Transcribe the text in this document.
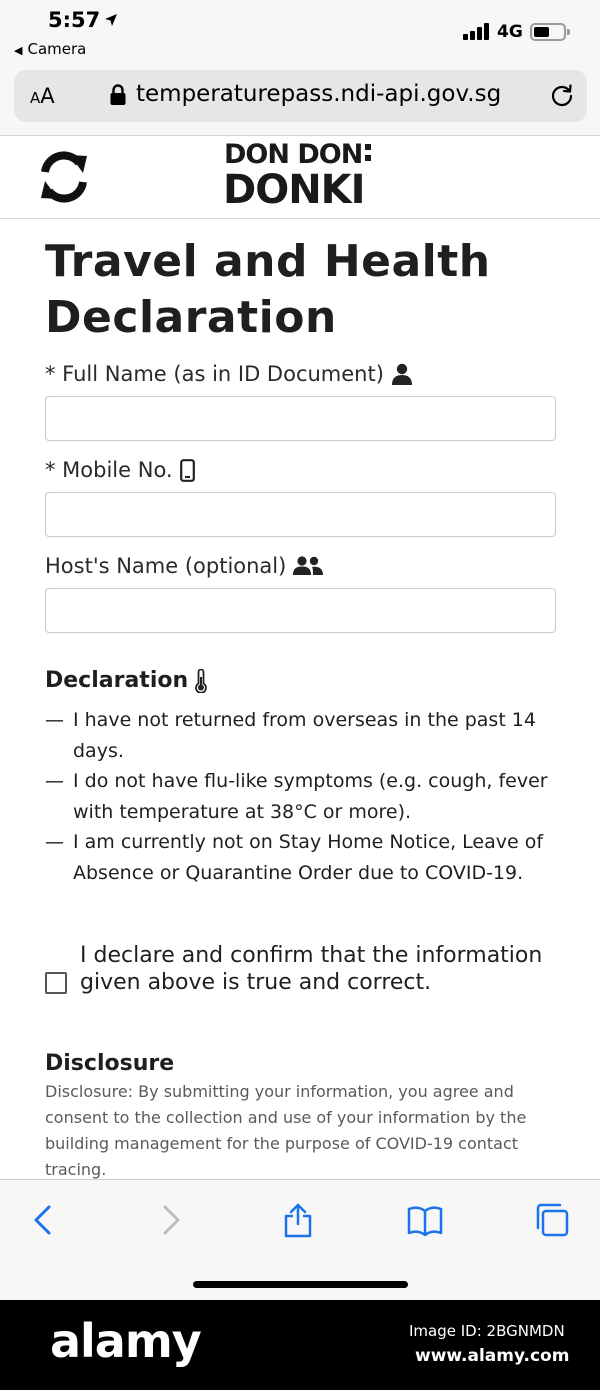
5:57
◀ Camera
4G
AA	temperaturepass.ndi-api.gov.sg
DON DON
DONKI
Travel and Health Declaration
* Full Name (as in ID Document)
* Mobile No.
Host's Name (optional)
Declaration
— I have not returned from overseas in the past 14 days.
— I do not have flu-like symptoms (e.g. cough, fever with temperature at 38°C or more).
— I am currently not on Stay Home Notice, Leave of Absence or Quarantine Order due to COVID-19.
I declare and confirm that the information given above is true and correct.
Disclosure
Disclosure: By submitting your information, you agree and consent to the collection and use of your information by the building management for the purpose of COVID-19 contact tracing.
alamy	Image ID: 2BGNMDN
www.alamy.com
